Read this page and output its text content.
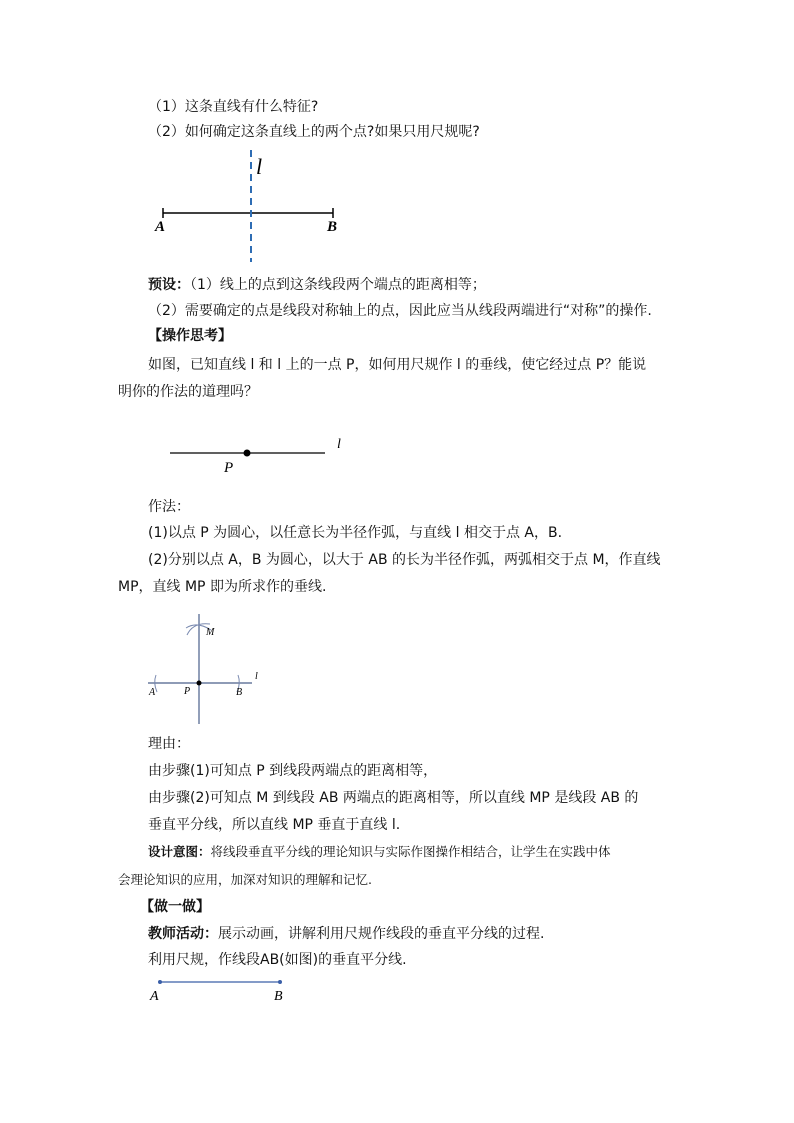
（1）这条直线有什么特征?

（2）如何确定这条直线上的两个点?如果只用尺规呢?

l
A	B

预设：（1）线上的点到这条线段两个端点的距离相等；

（2）需要确定的点是线段对称轴上的点，因此应当从线段两端进行“对称”的操作.

【操作思考】

如图，已知直线 l 和 l 上的一点 P，如何用尺规作 l 的垂线，使它经过点 P？能说

明你的作法的道理吗？

P
l

作法：

(1)以点 P 为圆心，以任意长为半径作弧，与直线 l 相交于点 A，B.

(2)分别以点 A，B 为圆心，以大于 AB 的长为半径作弧，两弧相交于点 M，作直线

MP，直线 MP 即为所求作的垂线.

M
A	P	B
l

理由：

由步骤(1)可知点 P 到线段两端点的距离相等，

由步骤(2)可知点 M 到线段 AB 两端点的距离相等，所以直线 MP 是线段 AB 的

垂直平分线，所以直线 MP 垂直于直线 l.

设计意图：将线段垂直平分线的理论知识与实际作图操作相结合，让学生在实践中体

会理论知识的应用，加深对知识的理解和记忆.

【做一做】

教师活动：展示动画，讲解利用尺规作线段的垂直平分线的过程.

利用尺规，作线段AB(如图)的垂直平分线.

A	B
